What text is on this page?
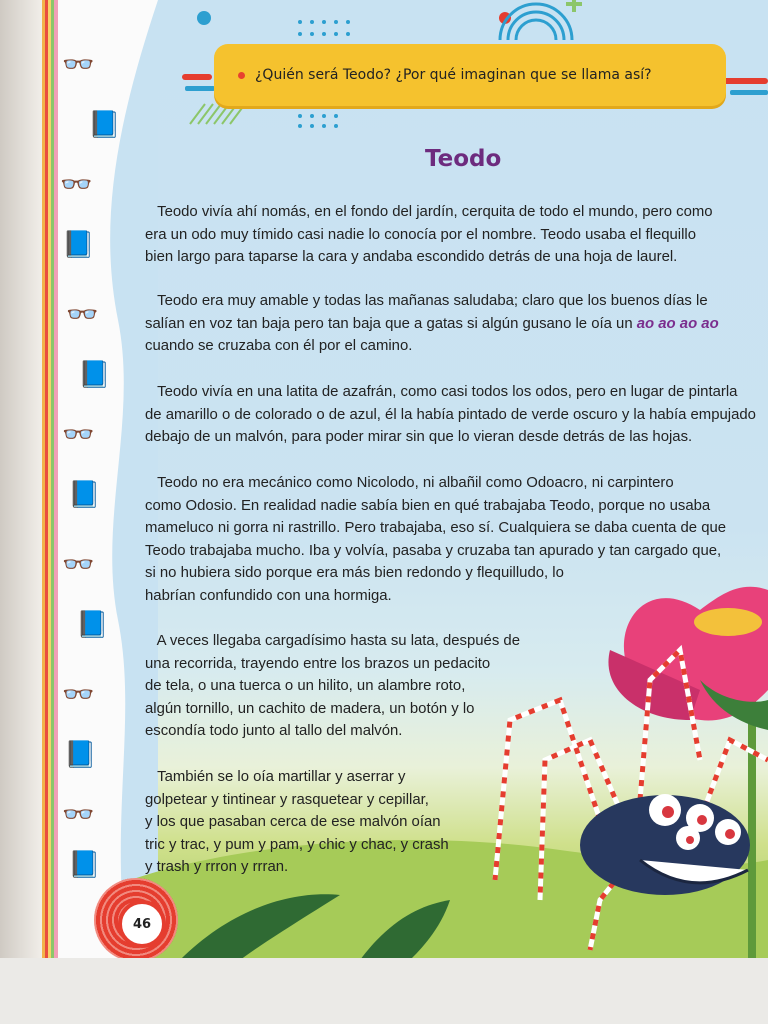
👓
📘
👓
📘
👓
📘
👓
📘
👓
📘
👓
📘
👓
📘
¿Quién será Teodo? ¿Por qué imaginan que se llama así?
Teodo
Teodo vivía ahí nomás, en el fondo del jardín, cerquita de todo el mundo, pero como
era un odo muy tímido casi nadie lo conocía por el nombre. Teodo usaba el flequillo
bien largo para taparse la cara y andaba escondido detrás de una hoja de laurel.
Teodo era muy amable y todas las mañanas saludaba; claro que los buenos días le
salían en voz tan baja pero tan baja que a gatas si algún gusano le oía un ao ao ao ao
cuando se cruzaba con él por el camino.
Teodo vivía en una latita de azafrán, como casi todos los odos, pero en lugar de pintarla
de amarillo o de colorado o de azul, él la había pintado de verde oscuro y la había empujado
debajo de un malvón, para poder mirar sin que lo vieran desde detrás de las hojas.
Teodo no era mecánico como Nicolodo, ni albañil como Odoacro, ni carpintero
como Odosio. En realidad nadie sabía bien en qué trabajaba Teodo, porque no usaba
mameluco ni gorra ni rastrillo. Pero trabajaba, eso sí. Cualquiera se daba cuenta de que
Teodo trabajaba mucho. Iba y volvía, pasaba y cruzaba tan apurado y tan cargado que,
si no hubiera sido porque era más bien redondo y flequilludo, lo
habrían confundido con una hormiga.
A veces llegaba cargadísimo hasta su lata, después de
una recorrida, trayendo entre los brazos un pedacito
de tela, o una tuerca o un hilito, un alambre roto,
algún tornillo, un cachito de madera, un botón y lo
escondía todo junto al tallo del malvón.
También se lo oía martillar y aserrar y
golpetear y tintinear y rasquetear y cepillar,
y los que pasaban cerca de ese malvón oían
tric y trac, y pum y pam, y chic y chac, y crash
y trash y rrron y rrran.
46
